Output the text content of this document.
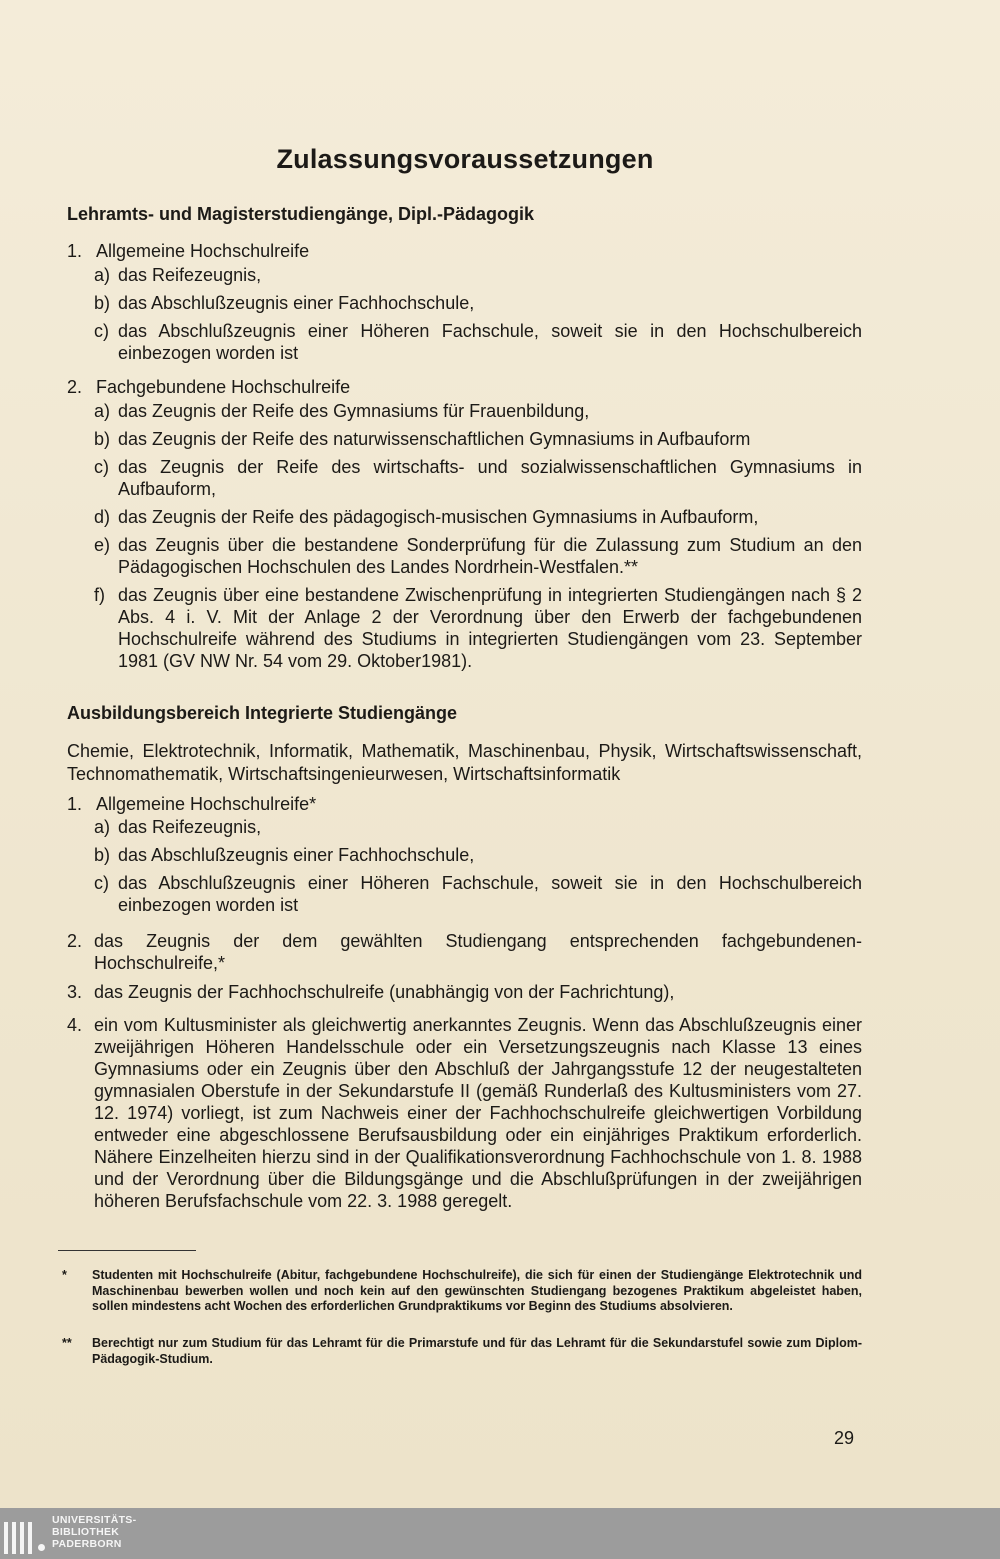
Zulassungsvoraussetzungen
Lehramts- und Magisterstudiengänge, Dipl.-Pädagogik
1. Allgemeine Hochschulreife
a) das Reifezeugnis,
b) das Abschlußzeugnis einer Fachhochschule,
c) das Abschlußzeugnis einer Höheren Fachschule, soweit sie in den Hochschulbereich einbezogen worden ist
2. Fachgebundene Hochschulreife
a) das Zeugnis der Reife des Gymnasiums für Frauenbildung,
b) das Zeugnis der Reife des naturwissenschaftlichen Gymnasiums in Aufbauform
c) das Zeugnis der Reife des wirtschafts- und sozialwissenschaftlichen Gymnasiums in Aufbauform,
d) das Zeugnis der Reife des pädagogisch-musischen Gymnasiums in Aufbauform,
e) das Zeugnis über die bestandene Sonderprüfung für die Zulassung zum Studium an den Pädagogischen Hochschulen des Landes Nordrhein-Westfalen.**
f) das Zeugnis über eine bestandene Zwischenprüfung in integrierten Studiengängen nach § 2 Abs. 4 i. V. Mit der Anlage 2 der Verordnung über den Erwerb der fachgebundenen Hochschulreife während des Studiums in integrierten Studiengängen vom 23. September 1981 (GV NW Nr. 54 vom 29. Oktober1981).
Ausbildungsbereich Integrierte Studiengänge
Chemie, Elektrotechnik, Informatik, Mathematik, Maschinenbau, Physik, Wirtschaftswissenschaft, Technomathematik, Wirtschaftsingenieurwesen, Wirtschaftsinformatik
1. Allgemeine Hochschulreife*
a) das Reifezeugnis,
b) das Abschlußzeugnis einer Fachhochschule,
c) das Abschlußzeugnis einer Höheren Fachschule, soweit sie in den Hochschulbereich einbezogen worden ist
2. das Zeugnis der dem gewählten Studiengang entsprechenden fachgebundenen-Hochschulreife,*
3. das Zeugnis der Fachhochschulreife (unabhängig von der Fachrichtung),
4. ein vom Kultusminister als gleichwertig anerkanntes Zeugnis. Wenn das Abschlußzeugnis einer zweijährigen Höheren Handelsschule oder ein Versetzungszeugnis nach Klasse 13 eines Gymnasiums oder ein Zeugnis über den Abschluß der Jahrgangsstufe 12 der neugestalteten gymnasialen Oberstufe in der Sekundarstufe II (gemäß Runderlaß des Kultusministers vom 27. 12. 1974) vorliegt, ist zum Nachweis einer der Fachhochschulreife gleichwertigen Vorbildung entweder eine abgeschlossene Berufsausbildung oder ein einjähriges Praktikum erforderlich. Nähere Einzelheiten hierzu sind in der Qualifikationsverordnung Fachhochschule von 1. 8. 1988 und der Verordnung über die Bildungsgänge und die Abschlußprüfungen in der zweijährigen höheren Berufsfachschule vom 22. 3. 1988 geregelt.
* Studenten mit Hochschulreife (Abitur, fachgebundene Hochschulreife), die sich für einen der Studiengänge Elektrotechnik und Maschinenbau bewerben wollen und noch kein auf den gewünschten Studiengang bezogenes Praktikum abgeleistet haben, sollen mindestens acht Wochen des erforderlichen Grundpraktikums vor Beginn des Studiums absolvieren.
** Berechtigt nur zum Studium für das Lehramt für die Primarstufe und für das Lehramt für die Sekundarstufel sowie zum Diplom-Pädagogik-Studium.
29
UNIVERSITÄTS-
BIBLIOTHEK
PADERBORN
